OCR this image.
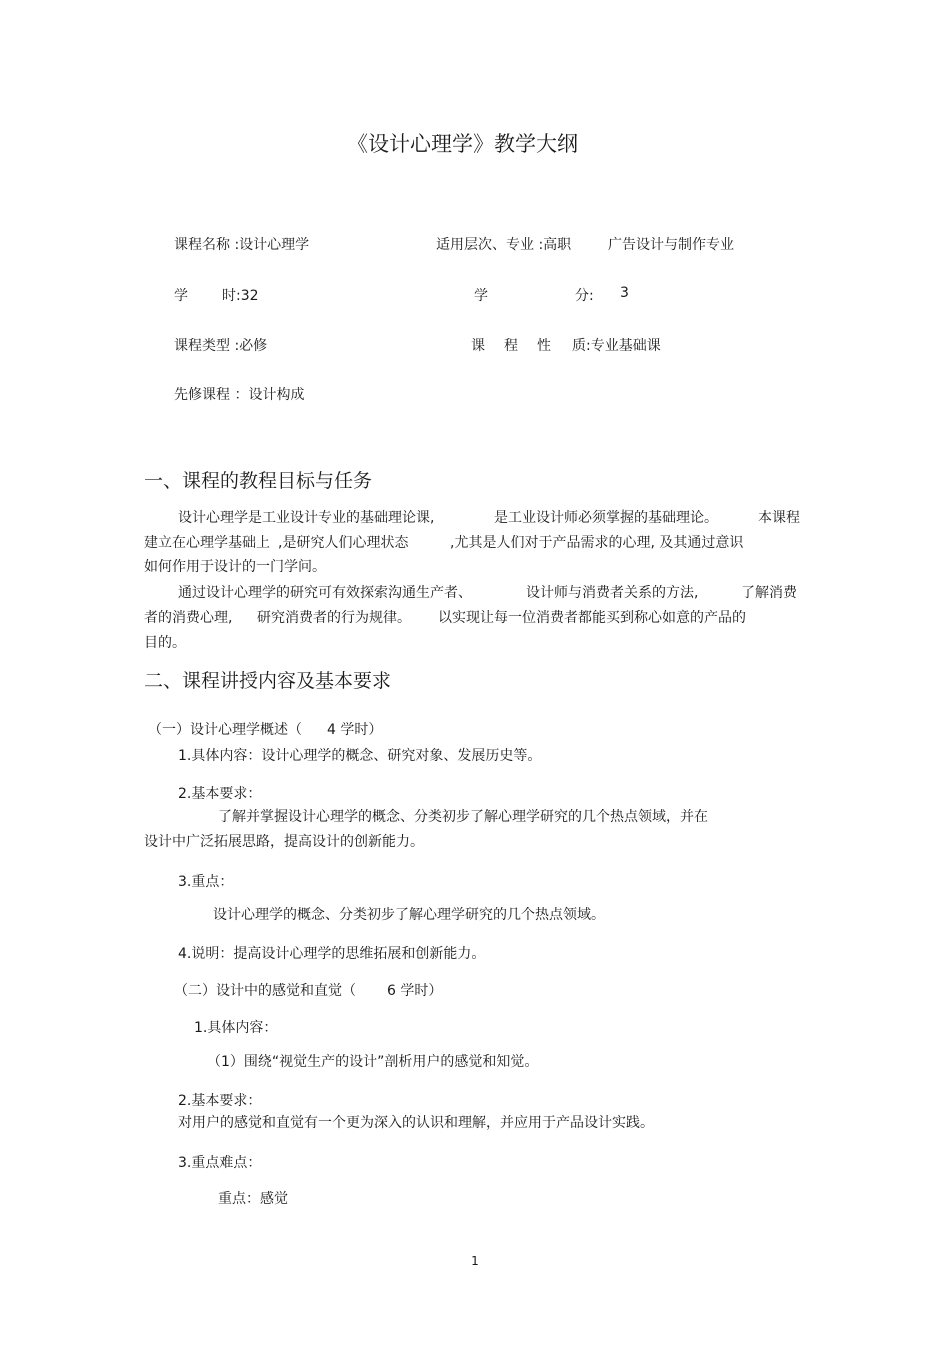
《设计心理学》教学大纲
课程名称 :设计心理学	适用层次、专业 :高职	广告设计与制作专业
学 时:32	学	分: 3
课程类型 :必修	课 程 性 质:专业基础课
先修课程 ：设计构成
一、课程的教程目标与任务
设计心理学是工业设计专业的基础理论课,	是工业设计师必须掌握的基础理论。	本课程
建立在心理学基础上 ,是研究人们心理状态	,尤其是人们对于产品需求的心理, 及其通过意识
如何作用于设计的一门学问。
通过设计心理学的研究可有效探索沟通生产者、	设计师与消费者关系的方法,	了解消费
者的消费心理, 研究消费者的行为规律。 以实现让每一位消费者都能买到称心如意的产品的
目的。
二、课程讲授内容及基本要求
（一）设计心理学概述（ 4 学时）
1.具体内容：设计心理学的概念、研究对象、发展历史等。
2.基本要求：
了解并掌握设计心理学的概念、分类初步了解心理学研究的几个热点领域，并在
设计中广泛拓展思路，提高设计的创新能力。
3.重点：
设计心理学的概念、分类初步了解心理学研究的几个热点领域。
4.说明：提高设计心理学的思维拓展和创新能力。
（二）设计中的感觉和直觉（ 6 学时）
1.具体内容：
（1）围绕“视觉生产的设计”剖析用户的感觉和知觉。
2.基本要求：
对用户的感觉和直觉有一个更为深入的认识和理解，并应用于产品设计实践。
3.重点难点：
重点：感觉
1
